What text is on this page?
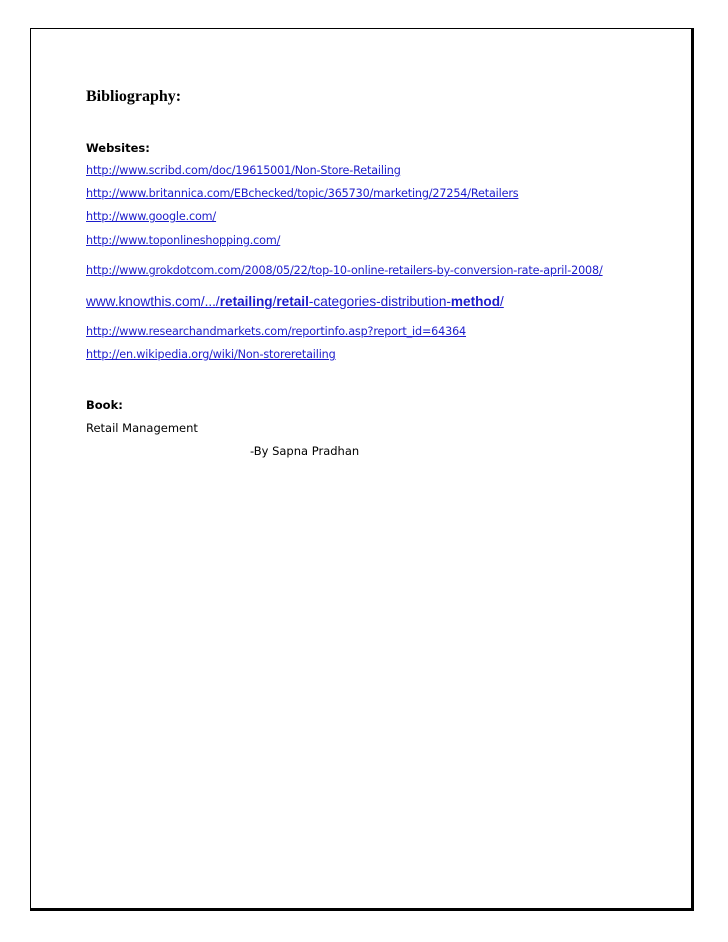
Bibliography:
Websites:
http://www.scribd.com/doc/19615001/Non-Store-Retailing
http://www.britannica.com/EBchecked/topic/365730/marketing/27254/Retailers
http://www.google.com/
http://www.toponlineshopping.com/
http://www.grokdotcom.com/2008/05/22/top-10-online-retailers-by-conversion-rate-april-2008/
www.knowthis.com/.../retailing/retail-categories-distribution-method/
http://www.researchandmarkets.com/reportinfo.asp?report_id=64364
http://en.wikipedia.org/wiki/Non-storeretailing
Book:
Retail Management
-By Sapna Pradhan
